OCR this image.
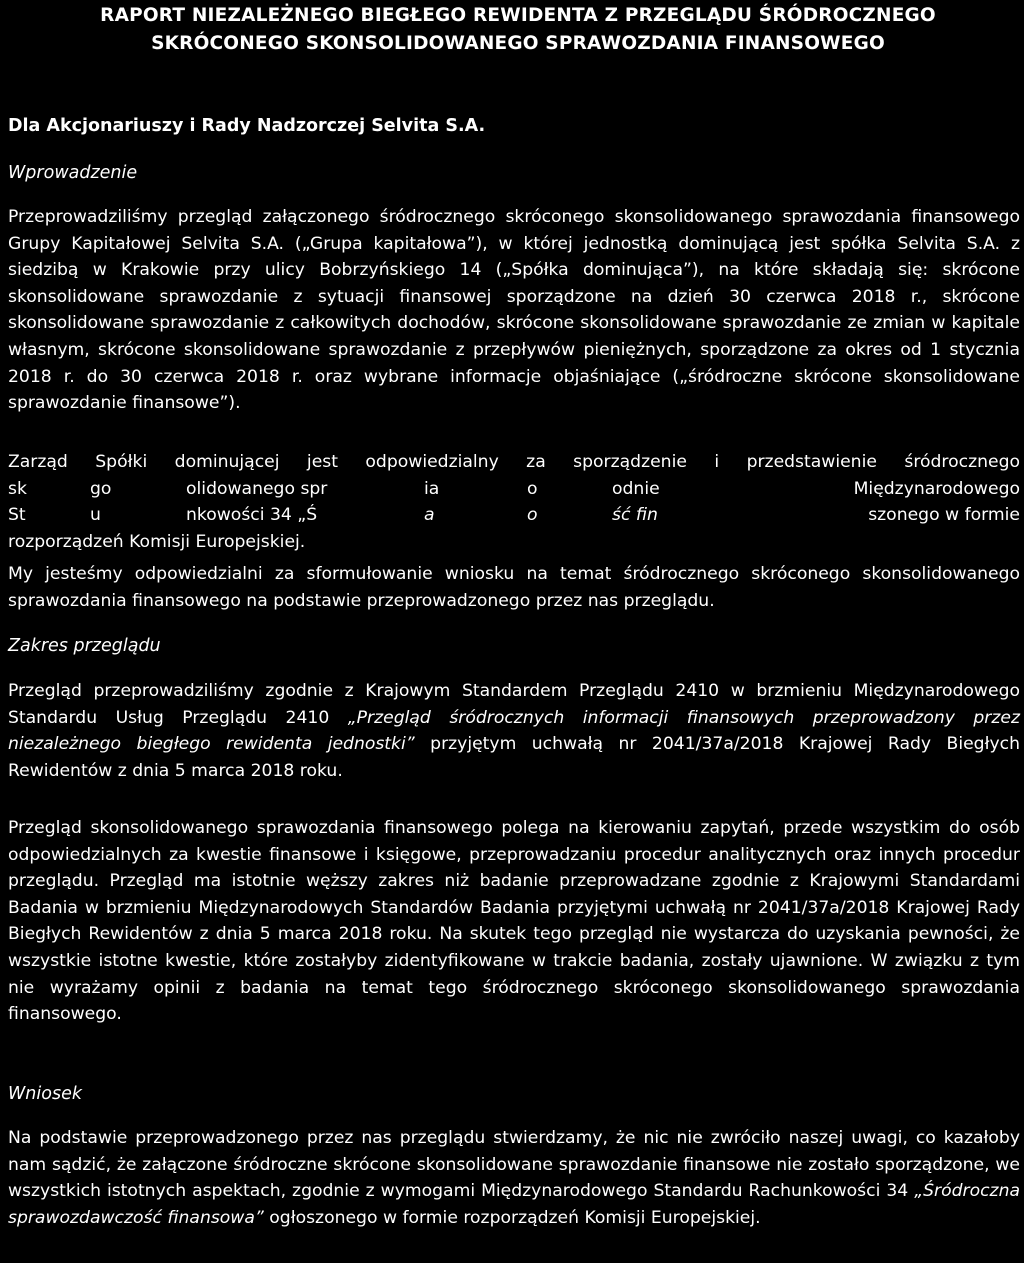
RAPORT NIEZALEŻNEGO BIEGŁEGO REWIDENTA Z PRZEGLĄDU ŚRÓDROCZNEGO
SKRÓCONEGO SKONSOLIDOWANEGO SPRAWOZDANIA FINANSOWEGO
Dla Akcjonariuszy i Rady Nadzorczej Selvita S.A.
Wprowadzenie

Przeprowadziliśmy przegląd załączonego śródrocznego skróconego skonsolidowanego sprawozdania finansowego Grupy Kapitałowej Selvita S.A. („Grupa kapitałowa”), w której jednostką dominującą jest spółka Selvita S.A. z siedzibą w Krakowie przy ulicy Bobrzyńskiego 14 („Spółka dominująca”), na które składają się: skrócone skonsolidowane sprawozdanie z sytuacji finansowej sporządzone na dzień 30 czerwca 2018 r., skrócone skonsolidowane sprawozdanie z całkowitych dochodów, skrócone skonsolidowane sprawozdanie ze zmian w kapitale własnym, skrócone skonsolidowane sprawozdanie z przepływów pieniężnych, sporządzone za okres od 1 stycznia 2018 r. do 30 czerwca 2018 r. oraz wybrane informacje objaśniające („śródroczne skrócone skonsolidowane sprawozdanie finansowe”).

Zarząd Spółki dominującej jest odpowiedzialny za sporządzenie i przedstawienie śródrocznego
sk	go	olidowanego spr	ia	o	odnie	Międzynarodowego
St	u	nkowości 34 „Ś	a	o	ść fin	szonego w formie
rozporządzeń Komisji Europejskiej.

My jesteśmy odpowiedzialni za sformułowanie wniosku na temat śródrocznego skróconego skonsolidowanego sprawozdania finansowego na podstawie przeprowadzonego przez nas przeglądu.

Zakres przeglądu

Przegląd przeprowadziliśmy zgodnie z Krajowym Standardem Przeglądu 2410 w brzmieniu Międzynarodowego Standardu Usług Przeglądu 2410 „Przegląd śródrocznych informacji finansowych przeprowadzony przez niezależnego biegłego rewidenta jednostki” przyjętym uchwałą nr 2041/37a/2018 Krajowej Rady Biegłych Rewidentów z dnia 5 marca 2018 roku.

Przegląd skonsolidowanego sprawozdania finansowego polega na kierowaniu zapytań, przede wszystkim do osób odpowiedzialnych za kwestie finansowe i księgowe, przeprowadzaniu procedur analitycznych oraz innych procedur przeglądu. Przegląd ma istotnie węższy zakres niż badanie przeprowadzane zgodnie z Krajowymi Standardami Badania w brzmieniu Międzynarodowych Standardów Badania przyjętymi uchwałą nr 2041/37a/2018 Krajowej Rady Biegłych Rewidentów z dnia 5 marca 2018 roku. Na skutek tego przegląd nie wystarcza do uzyskania pewności, że wszystkie istotne kwestie, które zostałyby zidentyfikowane w trakcie badania, zostały ujawnione. W związku z tym nie wyrażamy opinii z badania na temat tego śródrocznego skróconego skonsolidowanego sprawozdania finansowego.

Wniosek

Na podstawie przeprowadzonego przez nas przeglądu stwierdzamy, że nic nie zwróciło naszej uwagi, co kazałoby nam sądzić, że załączone śródroczne skrócone skonsolidowane sprawozdanie finansowe nie zostało sporządzone, we wszystkich istotnych aspektach, zgodnie z wymogami Międzynarodowego Standardu Rachunkowości 34 „Śródroczna sprawozdawczość finansowa” ogłoszonego w formie rozporządzeń Komisji Europejskiej.
